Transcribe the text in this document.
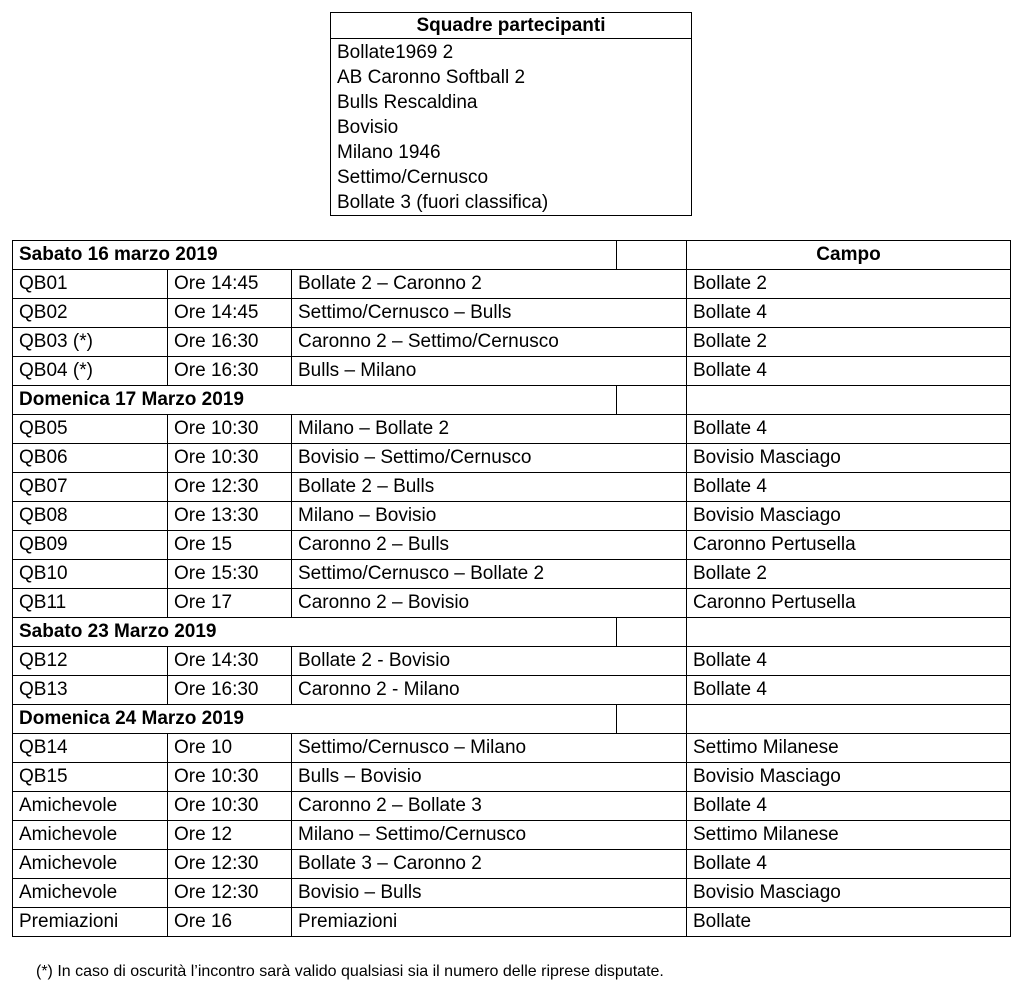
Squadre partecipanti
Bollate1969 2
AB Caronno Softball 2
Bulls Rescaldina
Bovisio
Milano 1946
Settimo/Cernusco
Bollate 3 (fuori classifica)
Sabato 16 marzo 2019				Campo
QB01	Ore 14:45	Bollate 2 – Caronno 2		Bollate 2
QB02	Ore 14:45	Settimo/Cernusco – Bulls		Bollate 4
QB03 (*)	Ore 16:30	Caronno 2 – Settimo/Cernusco		Bollate 2
QB04 (*)	Ore 16:30	Bulls – Milano		Bollate 4
Domenica 17 Marzo 2019				
QB05	Ore 10:30	Milano – Bollate 2		Bollate 4
QB06	Ore 10:30	Bovisio – Settimo/Cernusco		Bovisio Masciago
QB07	Ore 12:30	Bollate 2 – Bulls		Bollate 4
QB08	Ore 13:30	Milano – Bovisio		Bovisio Masciago
QB09	Ore 15	Caronno 2 – Bulls		Caronno Pertusella
QB10	Ore 15:30	Settimo/Cernusco – Bollate 2		Bollate 2
QB11	Ore 17	Caronno 2 – Bovisio		Caronno Pertusella
Sabato 23 Marzo 2019				
QB12	Ore 14:30	Bollate 2 - Bovisio		Bollate 4
QB13	Ore 16:30	Caronno 2 - Milano		Bollate 4
Domenica 24 Marzo 2019				
QB14	Ore 10	Settimo/Cernusco – Milano		Settimo Milanese
QB15	Ore 10:30	Bulls – Bovisio		Bovisio Masciago
Amichevole	Ore 10:30	Caronno 2 – Bollate 3		Bollate 4
Amichevole	Ore 12	Milano – Settimo/Cernusco		Settimo Milanese
Amichevole	Ore 12:30	Bollate 3 – Caronno 2		Bollate 4
Amichevole	Ore 12:30	Bovisio – Bulls		Bovisio Masciago
Premiazioni	Ore 16	Premiazioni		Bollate
(*) In caso di oscurità l’incontro sarà valido qualsiasi sia il numero delle riprese disputate.
